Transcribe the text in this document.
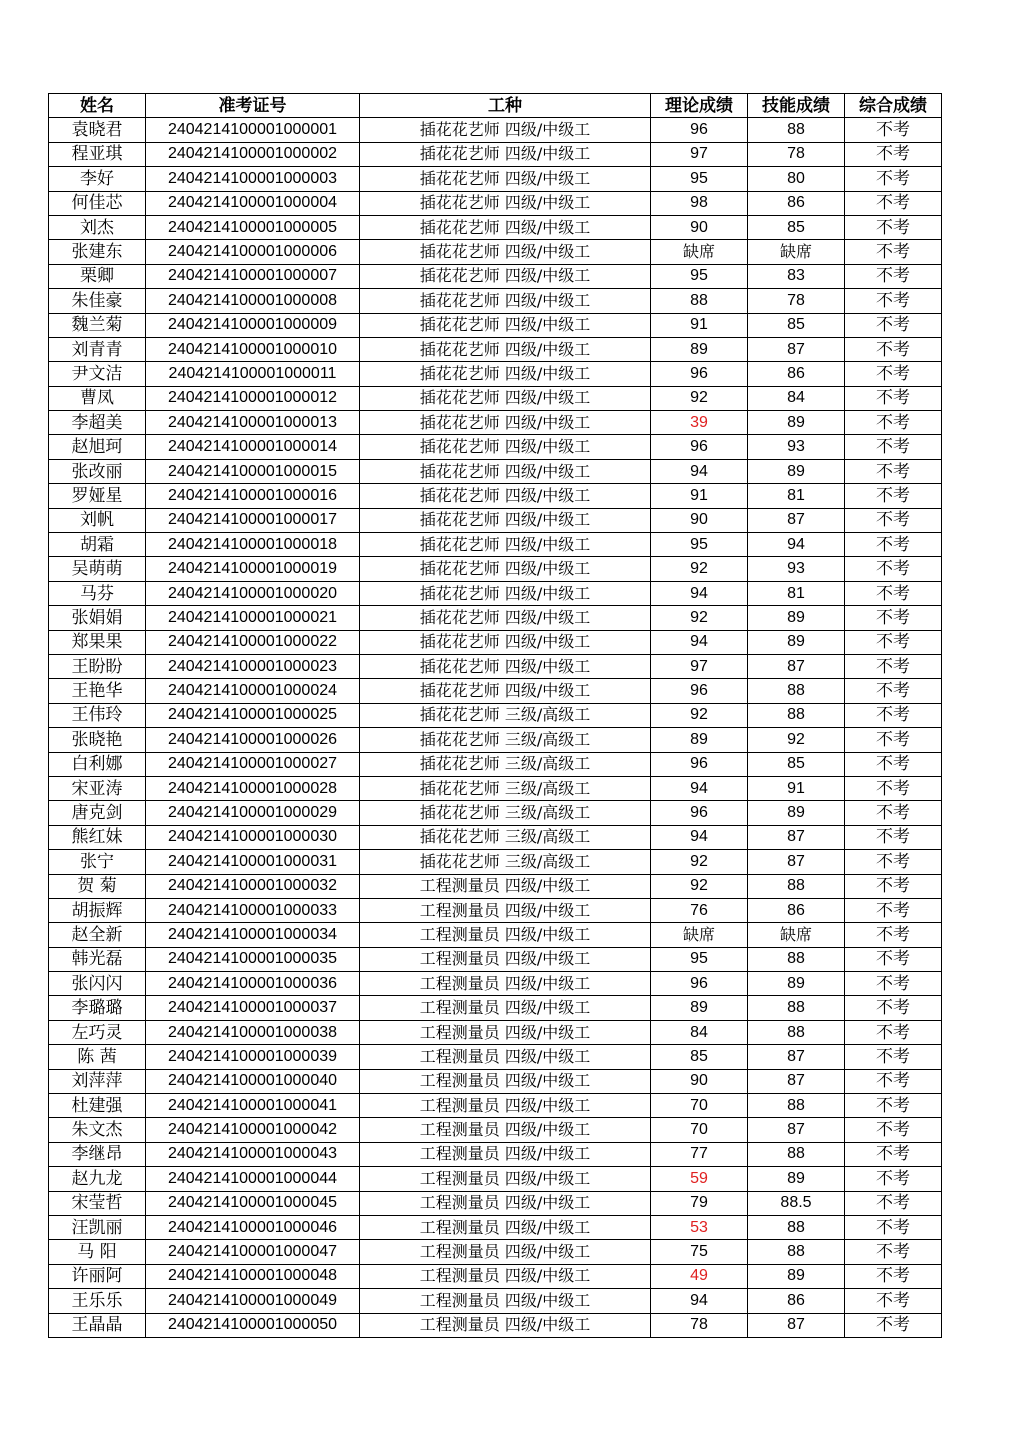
姓名	准考证号	工种	理论成绩	技能成绩	综合成绩
袁晓君	2404214100001000001	插花花艺师 四级/中级工	96	88	不考
程亚琪	2404214100001000002	插花花艺师 四级/中级工	97	78	不考
李好	2404214100001000003	插花花艺师 四级/中级工	95	80	不考
何佳芯	2404214100001000004	插花花艺师 四级/中级工	98	86	不考
刘杰	2404214100001000005	插花花艺师 四级/中级工	90	85	不考
张建东	2404214100001000006	插花花艺师 四级/中级工	缺席	缺席	不考
栗卿	2404214100001000007	插花花艺师 四级/中级工	95	83	不考
朱佳豪	2404214100001000008	插花花艺师 四级/中级工	88	78	不考
魏兰菊	2404214100001000009	插花花艺师 四级/中级工	91	85	不考
刘青青	2404214100001000010	插花花艺师 四级/中级工	89	87	不考
尹文洁	2404214100001000011	插花花艺师 四级/中级工	96	86	不考
曹凤	2404214100001000012	插花花艺师 四级/中级工	92	84	不考
李超美	2404214100001000013	插花花艺师 四级/中级工	39	89	不考
赵旭珂	2404214100001000014	插花花艺师 四级/中级工	96	93	不考
张改丽	2404214100001000015	插花花艺师 四级/中级工	94	89	不考
罗娅星	2404214100001000016	插花花艺师 四级/中级工	91	81	不考
刘帆	2404214100001000017	插花花艺师 四级/中级工	90	87	不考
胡霜	2404214100001000018	插花花艺师 四级/中级工	95	94	不考
吴萌萌	2404214100001000019	插花花艺师 四级/中级工	92	93	不考
马芬	2404214100001000020	插花花艺师 四级/中级工	94	81	不考
张娟娟	2404214100001000021	插花花艺师 四级/中级工	92	89	不考
郑果果	2404214100001000022	插花花艺师 四级/中级工	94	89	不考
王盼盼	2404214100001000023	插花花艺师 四级/中级工	97	87	不考
王艳华	2404214100001000024	插花花艺师 四级/中级工	96	88	不考
王伟玲	2404214100001000025	插花花艺师 三级/高级工	92	88	不考
张晓艳	2404214100001000026	插花花艺师 三级/高级工	89	92	不考
白利娜	2404214100001000027	插花花艺师 三级/高级工	96	85	不考
宋亚涛	2404214100001000028	插花花艺师 三级/高级工	94	91	不考
唐克剑	2404214100001000029	插花花艺师 三级/高级工	96	89	不考
熊红妹	2404214100001000030	插花花艺师 三级/高级工	94	87	不考
张宁	2404214100001000031	插花花艺师 三级/高级工	92	87	不考
贺 菊	2404214100001000032	工程测量员 四级/中级工	92	88	不考
胡振辉	2404214100001000033	工程测量员 四级/中级工	76	86	不考
赵全新	2404214100001000034	工程测量员 四级/中级工	缺席	缺席	不考
韩光磊	2404214100001000035	工程测量员 四级/中级工	95	88	不考
张闪闪	2404214100001000036	工程测量员 四级/中级工	96	89	不考
李璐璐	2404214100001000037	工程测量员 四级/中级工	89	88	不考
左巧灵	2404214100001000038	工程测量员 四级/中级工	84	88	不考
陈 茜	2404214100001000039	工程测量员 四级/中级工	85	87	不考
刘萍萍	2404214100001000040	工程测量员 四级/中级工	90	87	不考
杜建强	2404214100001000041	工程测量员 四级/中级工	70	88	不考
朱文杰	2404214100001000042	工程测量员 四级/中级工	70	87	不考
李继昂	2404214100001000043	工程测量员 四级/中级工	77	88	不考
赵九龙	2404214100001000044	工程测量员 四级/中级工	59	89	不考
宋莹哲	2404214100001000045	工程测量员 四级/中级工	79	88.5	不考
汪凯丽	2404214100001000046	工程测量员 四级/中级工	53	88	不考
马 阳	2404214100001000047	工程测量员 四级/中级工	75	88	不考
许丽阿	2404214100001000048	工程测量员 四级/中级工	49	89	不考
王乐乐	2404214100001000049	工程测量员 四级/中级工	94	86	不考
王晶晶	2404214100001000050	工程测量员 四级/中级工	78	87	不考
